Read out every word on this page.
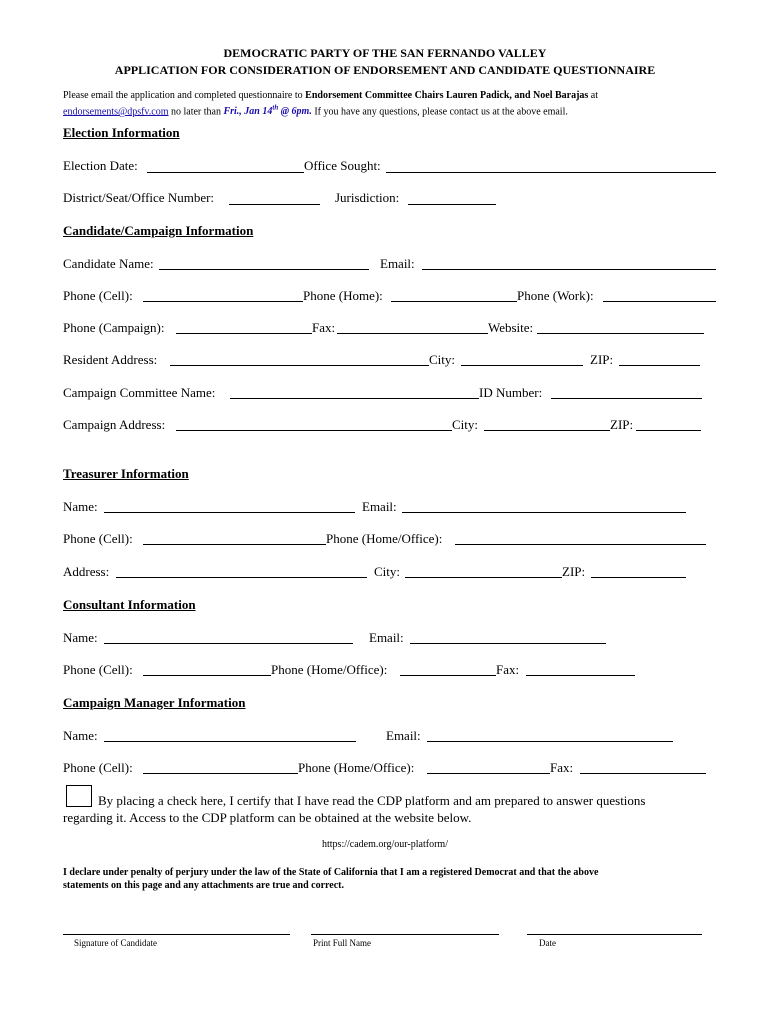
DEMOCRATIC PARTY OF THE SAN FERNANDO VALLEY
APPLICATION FOR CONSIDERATION OF ENDORSEMENT AND CANDIDATE QUESTIONNAIRE
Please email the application and completed questionnaire to Endorsement Committee Chairs Lauren Padick, and Noel Barajas at
endorsements@dpsfv.com no later than Fri., Jan 14th @ 6pm. If you have any questions, please contact us at the above email.
Election Information
Election Date:	Office Sought:
District/Seat/Office Number:	Jurisdiction:
Candidate/Campaign Information
Candidate Name:	Email:
Phone (Cell):	Phone (Home):	Phone (Work):
Phone (Campaign):	Fax:	Website:
Resident Address:	City:	ZIP:
Campaign Committee Name:	ID Number:
Campaign Address:	City:	ZIP:
Treasurer Information
Name:	Email:
Phone (Cell):	Phone (Home/Office):
Address:	City:	ZIP:
Consultant Information
Name:	Email:
Phone (Cell):	Phone (Home/Office):	Fax:
Campaign Manager Information
Name:	Email:
Phone (Cell):	Phone (Home/Office):	Fax:
By placing a check here, I certify that I have read the CDP platform and am prepared to answer questions
regarding it. Access to the CDP platform can be obtained at the website below.
https://cadem.org/our-platform/
I declare under penalty of perjury under the law of the State of California that I am a registered Democrat and that the above
statements on this page and any attachments are true and correct.
Signature of Candidate	Print Full Name	Date
